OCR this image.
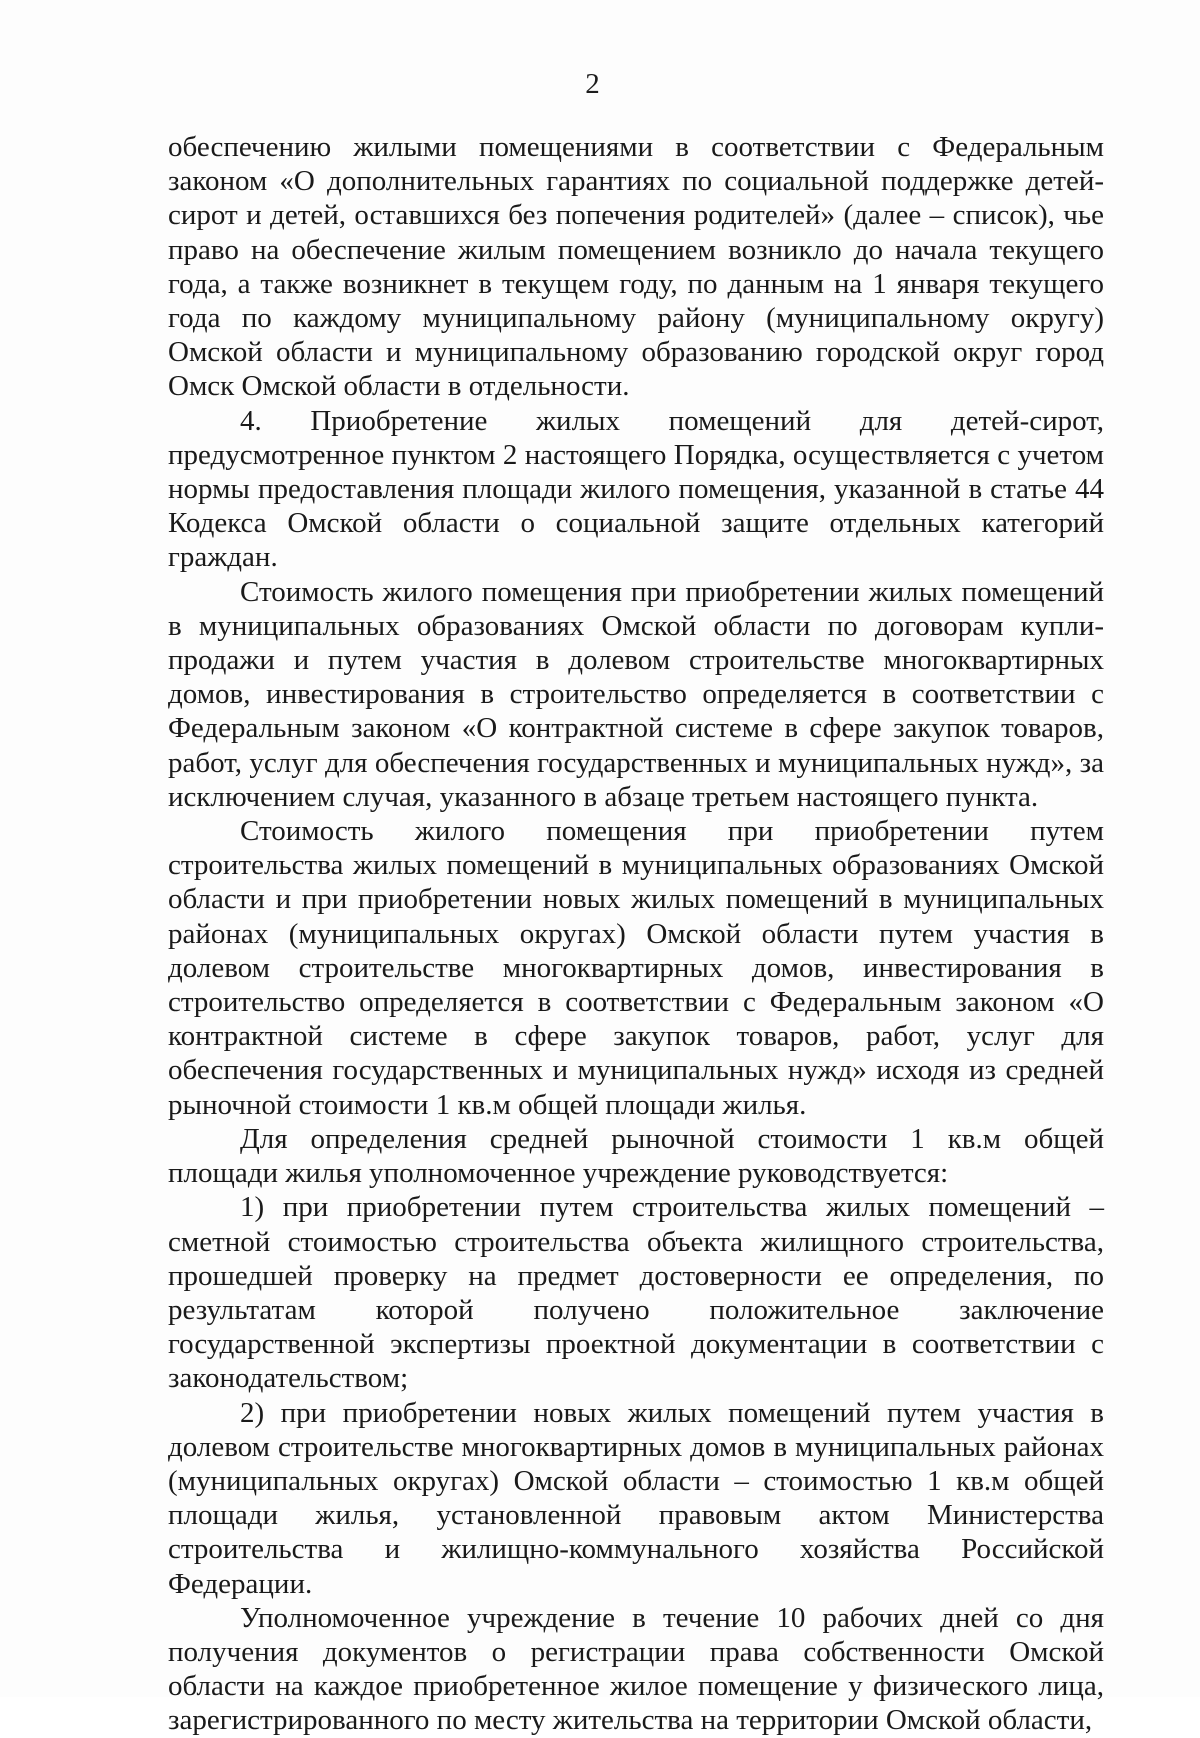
2

обеспечению жилыми помещениями в соответствии с Федеральным законом «О дополнительных гарантиях по социальной поддержке детей-сирот и детей, оставшихся без попечения родителей» (далее – список), чье право на обеспечение жилым помещением возникло до начала текущего года, а также возникнет в текущем году, по данным на 1 января текущего года по каждому муниципальному району (муниципальному округу) Омской области и муниципальному образованию городской округ город Омск Омской области в отдельности.

4. Приобретение жилых помещений для детей-сирот, предусмотренное пунктом 2 настоящего Порядка, осуществляется с учетом нормы предоставления площади жилого помещения, указанной в статье 44 Кодекса Омской области о социальной защите отдельных категорий граждан.

Стоимость жилого помещения при приобретении жилых помещений в муниципальных образованиях Омской области по договорам купли-продажи и путем участия в долевом строительстве многоквартирных домов, инвестирования в строительство определяется в соответствии с Федеральным законом «О контрактной системе в сфере закупок товаров, работ, услуг для обеспечения государственных и муниципальных нужд», за исключением случая, указанного в абзаце третьем настоящего пункта.

Стоимость жилого помещения при приобретении путем строительства жилых помещений в муниципальных образованиях Омской области и при приобретении новых жилых помещений в муниципальных районах (муниципальных округах) Омской области путем участия в долевом строительстве многоквартирных домов, инвестирования в строительство определяется в соответствии с Федеральным законом «О контрактной системе в сфере закупок товаров, работ, услуг для обеспечения государственных и муниципальных нужд» исходя из средней рыночной стоимости 1 кв.м общей площади жилья.

Для определения средней рыночной стоимости 1 кв.м общей площади жилья уполномоченное учреждение руководствуется:

1) при приобретении путем строительства жилых помещений – сметной стоимостью строительства объекта жилищного строительства, прошедшей проверку на предмет достоверности ее определения, по результатам которой получено положительное заключение государственной экспертизы проектной документации в соответствии с законодательством;

2) при приобретении новых жилых помещений путем участия в долевом строительстве многоквартирных домов в муниципальных районах (муниципальных округах) Омской области – стоимостью 1 кв.м общей площади жилья, установленной правовым актом Министерства строительства и жилищно-коммунального хозяйства Российской Федерации.

Уполномоченное учреждение в течение 10 рабочих дней со дня получения документов о регистрации права собственности Омской области на каждое приобретенное жилое помещение у физического лица, зарегистрированного по месту жительства на территории Омской области,
